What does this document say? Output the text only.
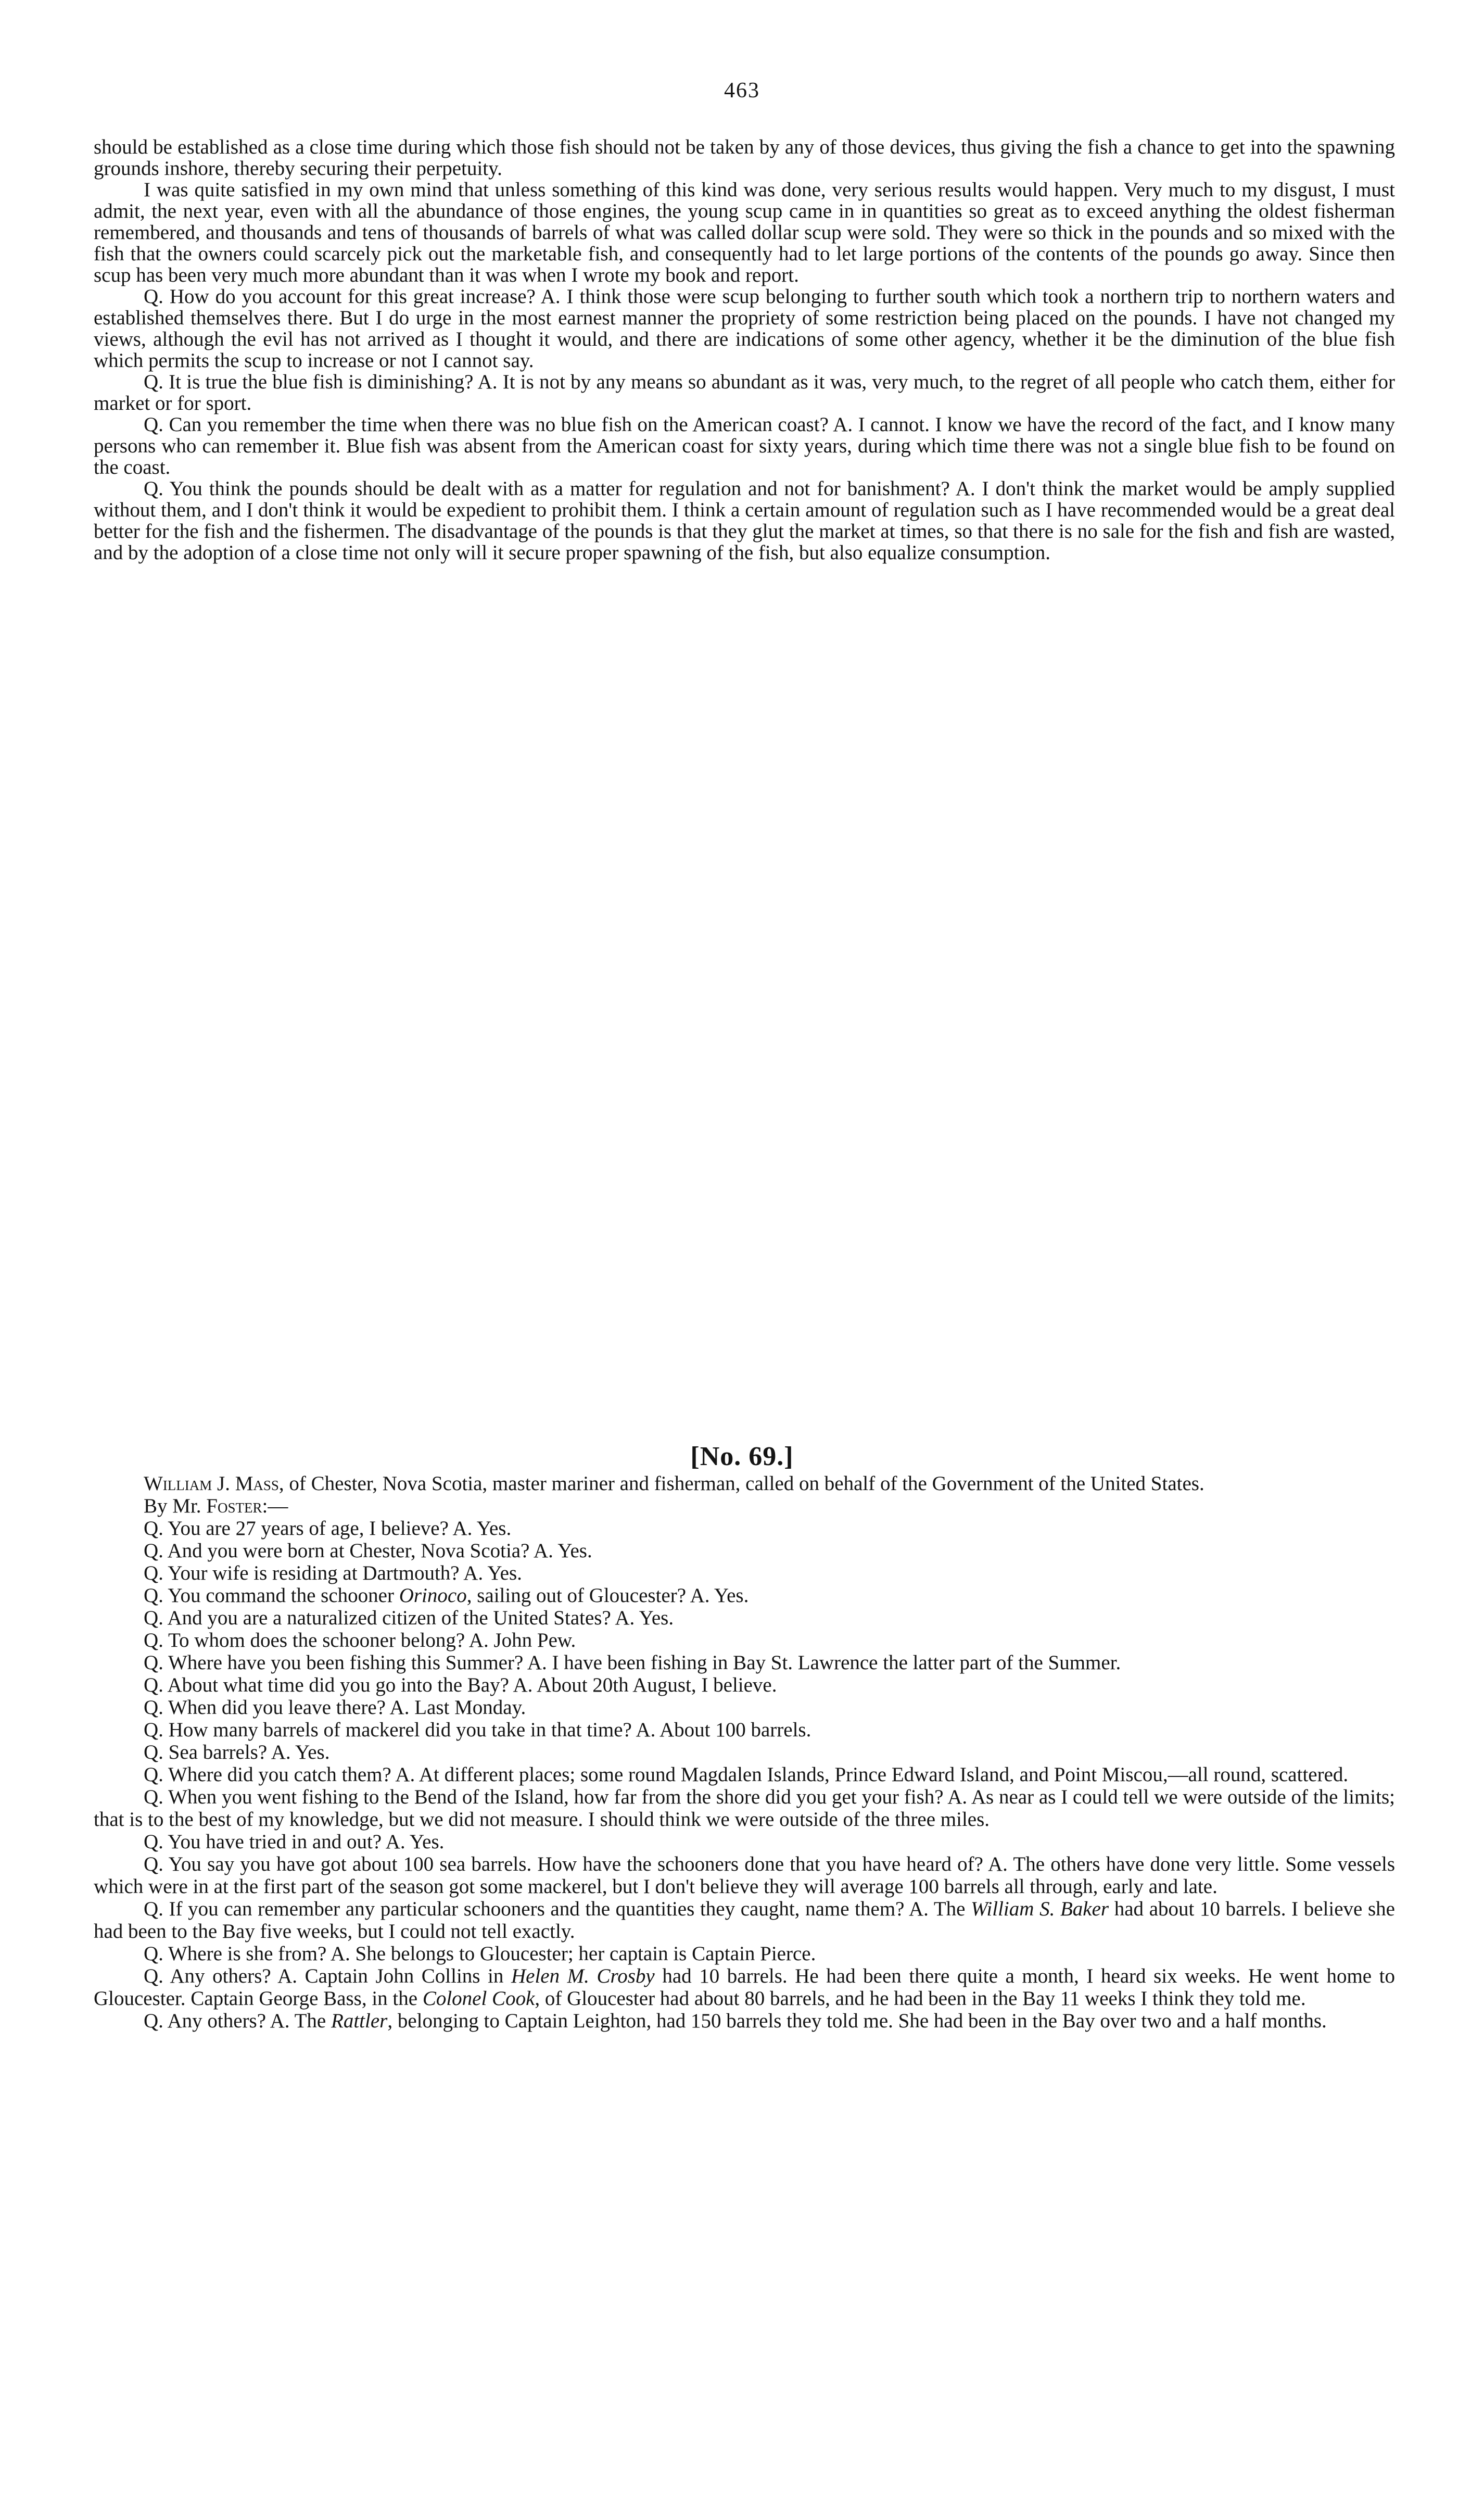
463

should be established as a close time during which those fish should not be taken by any of those devices, thus giving the fish a chance to get into the spawning grounds inshore, thereby securing their perpetuity.

I was quite satisfied in my own mind that unless something of this kind was done, very serious results would happen. Very much to my disgust, I must admit, the next year, even with all the abundance of those engines, the young scup came in in quantities so great as to exceed anything the oldest fisherman remembered, and thousands and tens of thousands of barrels of what was called dollar scup were sold. They were so thick in the pounds and so mixed with the fish that the owners could scarcely pick out the marketable fish, and consequently had to let large portions of the contents of the pounds go away. Since then scup has been very much more abundant than it was when I wrote my book and report.

Q. How do you account for this great increase? A. I think those were scup belonging to further south which took a northern trip to northern waters and established themselves there. But I do urge in the most earnest manner the propriety of some restriction being placed on the pounds. I have not changed my views, although the evil has not arrived as I thought it would, and there are indications of some other agency, whether it be the diminution of the blue fish which permits the scup to increase or not I cannot say.

Q. It is true the blue fish is diminishing? A. It is not by any means so abundant as it was, very much, to the regret of all people who catch them, either for market or for sport.

Q. Can you remember the time when there was no blue fish on the American coast? A. I cannot. I know we have the record of the fact, and I know many persons who can remember it. Blue fish was absent from the American coast for sixty years, during which time there was not a single blue fish to be found on the coast.

Q. You think the pounds should be dealt with as a matter for regulation and not for banishment? A. I don't think the market would be amply supplied without them, and I don't think it would be expedient to prohibit them. I think a certain amount of regulation such as I have recommended would be a great deal better for the fish and the fishermen. The disadvantage of the pounds is that they glut the market at times, so that there is no sale for the fish and fish are wasted, and by the adoption of a close time not only will it secure proper spawning of the fish, but also equalize consumption.

[No. 69.]

William J. Mass, of Chester, Nova Scotia, master mariner and fisherman, called on behalf of the Government of the United States.

By Mr. Foster:—

Q. You are 27 years of age, I believe? A. Yes.

Q. And you were born at Chester, Nova Scotia? A. Yes.

Q. Your wife is residing at Dartmouth? A. Yes.

Q. You command the schooner Orinoco, sailing out of Gloucester? A. Yes.

Q. And you are a naturalized citizen of the United States? A. Yes.

Q. To whom does the schooner belong? A. John Pew.

Q. Where have you been fishing this Summer? A. I have been fishing in Bay St. Lawrence the latter part of the Summer.

Q. About what time did you go into the Bay? A. About 20th August, I believe.

Q. When did you leave there? A. Last Monday.

Q. How many barrels of mackerel did you take in that time? A. About 100 barrels.

Q. Sea barrels? A. Yes.

Q. Where did you catch them? A. At different places; some round Magdalen Islands, Prince Edward Island, and Point Miscou,—all round, scattered.

Q. When you went fishing to the Bend of the Island, how far from the shore did you get your fish? A. As near as I could tell we were outside of the limits; that is to the best of my knowledge, but we did not measure. I should think we were outside of the three miles.

Q. You have tried in and out? A. Yes.

Q. You say you have got about 100 sea barrels. How have the schooners done that you have heard of? A. The others have done very little. Some vessels which were in at the first part of the season got some mackerel, but I don't believe they will average 100 barrels all through, early and late.

Q. If you can remember any particular schooners and the quantities they caught, name them? A. The William S. Baker had about 10 barrels. I believe she had been to the Bay five weeks, but I could not tell exactly.

Q. Where is she from? A. She belongs to Gloucester; her captain is Captain Pierce.

Q. Any others? A. Captain John Collins in Helen M. Crosby had 10 barrels. He had been there quite a month, I heard six weeks. He went home to Gloucester. Captain George Bass, in the Colonel Cook, of Gloucester had about 80 barrels, and he had been in the Bay 11 weeks I think they told me.

Q. Any others? A. The Rattler, belonging to Captain Leighton, had 150 barrels they told me. She had been in the Bay over two and a half months.
